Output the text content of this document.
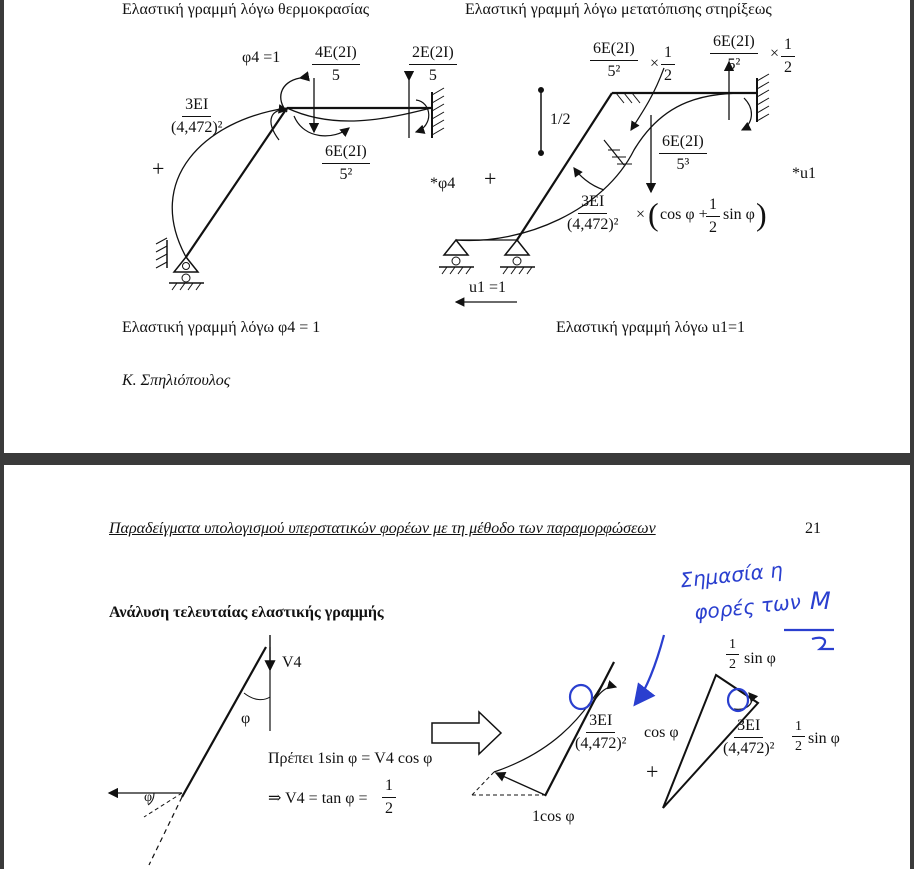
Ελαστική γραμμή λόγω θερμοκρασίας	Ελαστική γραμμή λόγω μετατόπισης στηρίξεως
$\varphi 4 =1 \frac{4E(2I)}{5}$	$\frac{2E(2I)}{5}$
$\frac{3EI}{\text{(4,472)²}}$
$\frac{6E(2I)}{\text{5²}}$
+
*φ4 +
$\frac{6E(2I)}{\text{5²}} \times \frac{1}{2} \frac{6E(2I)}{\text{5²}} \times \frac{1}{2}$
1/2
$\frac{6E(2I)}{\text{5³}}$
$\frac{3EI}{\text{(4,472)²}}$ × ( cos φ +
$\frac{1}{2}$ sin φ )
u1 =1
*u1
Ελαστική γραμμή λόγω φ4 = 1	Ελαστική γραμμή λόγω u1=1
Κ. Σπηλιόπουλος
Παραδείγματα υπολογισμού υπερστατικών φορέων με τη μέθοδο των παραμορφώσεων	21
Ανάλυση τελευταίας ελαστικής γραμμής
V4
φ
φ
Πρέπει 1sin φ = V4 cos φ
⇒ $V4 = \tan \varphi = \frac{1}{2}$
$\frac{3EI}{\text{(4,472)²}}$ cos φ
1cos φ
+
$\frac{1}{2}$ sin φ
$\frac{3EI}{\text{(4,472)²}} \frac{1}{2}$ sin φ
Σημασία η
φορές των M
